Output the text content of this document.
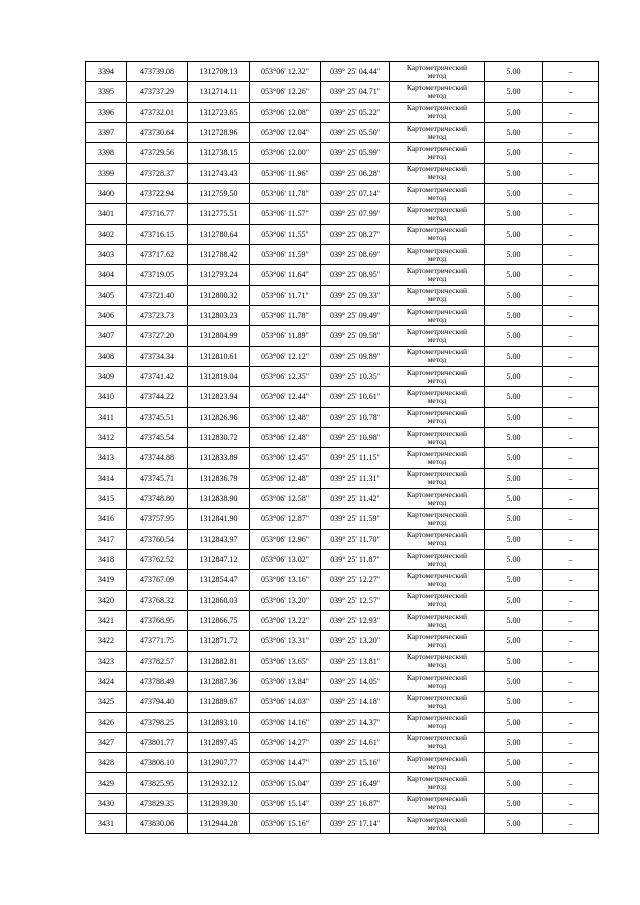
3394	473739.08	1312709.13	053°06' 12.32"	039° 25' 04.44"	Картометрический
метод	5.00	–
3395	473737.29	1312714.11	053°06' 12.26"	039° 25' 04.71"	Картометрический
метод	5.00	–
3396	473732.01	1312723.65	053°06' 12.08"	039° 25' 05.22"	Картометрический
метод	5.00	–
3397	473730.64	1312728.96	053°06' 12.04"	039° 25' 05.50"	Картометрический
метод	5.00	–
3398	473729.56	1312738.15	053°06' 12.00"	039° 25' 05.99"	Картометрический
метод	5.00	–
3399	473728.37	1312743.43	053°06' 11.96"	039° 25' 06.28"	Картометрический
метод	5.00	–
3400	473722.94	1312759.50	053°06' 11.78"	039° 25' 07.14"	Картометрический
метод	5.00	–
3401	473716.77	1312775.51	053°06' 11.57"	039° 25' 07.99"	Картометрический
метод	5.00	–
3402	473716.15	1312780.64	053°06' 11.55"	039° 25' 08.27"	Картометрический
метод	5.00	–
3403	473717.62	1312788.42	053°06' 11.59"	039° 25' 08.69"	Картометрический
метод	5.00	–
3404	473719.05	1312793.24	053°06' 11.64"	039° 25' 08.95"	Картометрический
метод	5.00	–
3405	473721.40	1312800.32	053°06' 11.71"	039° 25' 09.33"	Картометрический
метод	5.00	–
3406	473723.73	1312803.23	053°06' 11.78"	039° 25' 09.49"	Картометрический
метод	5.00	–
3407	473727.20	1312804.99	053°06' 11.89"	039° 25' 09.58"	Картометрический
метод	5.00	–
3408	473734.34	1312810.61	053°06' 12.12"	039° 25' 09.89"	Картометрический
метод	5.00	–
3409	473741.42	1312819.04	053°06' 12.35"	039° 25' 10.35"	Картометрический
метод	5.00	–
3410	473744.22	1312823.94	053°06' 12.44"	039° 25' 10.61"	Картометрический
метод	5.00	–
3411	473745.51	1312826.96	053°06' 12.48"	039° 25' 10.78"	Картометрический
метод	5.00	–
3412	473745.54	1312830.72	053°06' 12.48"	039° 25' 10.98"	Картометрический
метод	5.00	–
3413	473744.88	1312833.89	053°06' 12.45"	039° 25' 11.15"	Картометрический
метод	5.00	–
3414	473745.71	1312836.79	053°06' 12.48"	039° 25' 11.31"	Картометрический
метод	5.00	–
3415	473748.80	1312838.90	053°06' 12.58"	039° 25' 11.42"	Картометрический
метод	5.00	–
3416	473757.95	1312841.90	053°06' 12.87"	039° 25' 11.59"	Картометрический
метод	5.00	–
3417	473760.54	1312843.97	053°06' 12.96"	039° 25' 11.70"	Картометрический
метод	5.00	–
3418	473762.52	1312847.12	053°06' 13.02"	039° 25' 11.87"	Картометрический
метод	5.00	–
3419	473767.09	1312854.47	053°06' 13.16"	039° 25' 12.27"	Картометрический
метод	5.00	–
3420	473768.32	1312860.03	053°06' 13.20"	039° 25' 12.57"	Картометрический
метод	5.00	–
3421	473768.95	1312866.75	053°06' 13.22"	039° 25' 12.93"	Картометрический
метод	5.00	–
3422	473771.75	1312871.72	053°06' 13.31"	039° 25' 13.20"	Картометрический
метод	5.00	–
3423	473782.57	1312882.81	053°06' 13.65"	039° 25' 13.81"	Картометрический
метод	5.00	–
3424	473788.49	1312887.36	053°06' 13.84"	039° 25' 14.05"	Картометрический
метод	5.00	–
3425	473794.40	1312889.67	053°06' 14.03"	039° 25' 14.18"	Картометрический
метод	5.00	–
3426	473798.25	1312893.10	053°06' 14.16"	039° 25' 14.37"	Картометрический
метод	5.00	–
3427	473801.77	1312897.45	053°06' 14.27"	039° 25' 14.61"	Картометрический
метод	5.00	–
3428	473808.10	1312907.77	053°06' 14.47"	039° 25' 15.16"	Картометрический
метод	5.00	–
3429	473825.95	1312932.12	053°06' 15.04"	039° 25' 16.49"	Картометрический
метод	5.00	–
3430	473829.35	1312939.30	053°06' 15.14"	039° 25' 16.87"	Картометрический
метод	5.00	–
3431	473830.06	1312944.28	053°06' 15.16"	039° 25' 17.14"	Картометрический
метод	5.00	–
